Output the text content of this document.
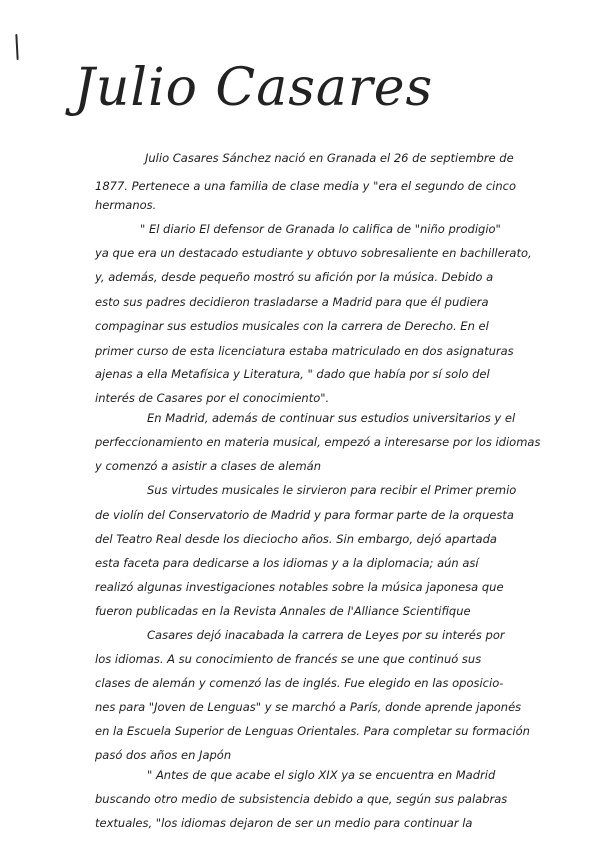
Julio Casares
Julio Casares Sánchez nació en Granada el 26 de septiembre de
1877. Pertenece a una familia de clase media y "era el segundo de cinco
hermanos.
" El diario El defensor de Granada lo califica de "niño prodigio"
ya que era un destacado estudiante y obtuvo sobresaliente en bachillerato,
y, además, desde pequeño mostró su afición por la música. Debido a
esto sus padres decidieron trasladarse a Madrid para que él pudiera
compaginar sus estudios musicales con la carrera de Derecho. En el
primer curso de esta licenciatura estaba matriculado en dos asignaturas
ajenas a ella Metafísica y Literatura, " dado que había por sí solo del
interés de Casares por el conocimiento".
En Madrid, además de continuar sus estudios universitarios y el
perfeccionamiento en materia musical, empezó a interesarse por los idiomas
y comenzó a asistir a clases de alemán
Sus virtudes musicales le sirvieron para recibir el Primer premio
de violín del Conservatorio de Madrid y para formar parte de la orquesta
del Teatro Real desde los dieciocho años. Sin embargo, dejó apartada
esta faceta para dedicarse a los idiomas y a la diplomacia; aún así
realizó algunas investigaciones notables sobre la música japonesa que
fueron publicadas en la Revista Annales de l'Alliance Scientifique
Casares dejó inacabada la carrera de Leyes por su interés por
los idiomas. A su conocimiento de francés se une que continuó sus
clases de alemán y comenzó las de inglés. Fue elegido en las oposicio-
nes para "Joven de Lenguas" y se marchó a París, donde aprende japonés
en la Escuela Superior de Lenguas Orientales. Para completar su formación
pasó dos años en Japón
" Antes de que acabe el siglo XIX ya se encuentra en Madrid
buscando otro medio de subsistencia debido a que, según sus palabras
textuales, "los idiomas dejaron de ser un medio para continuar la
